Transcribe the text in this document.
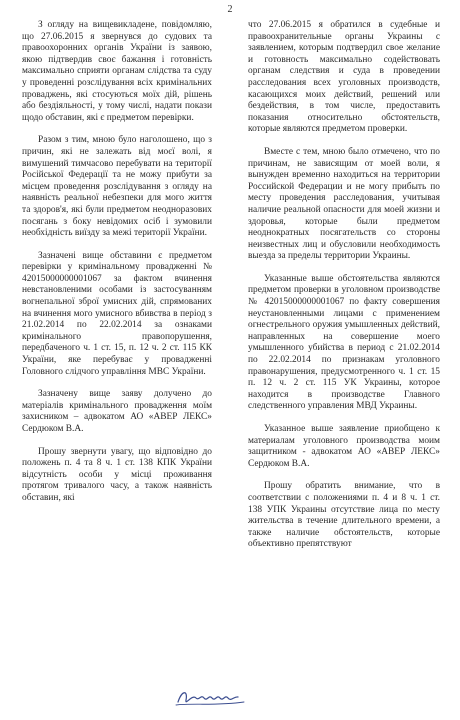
2

З огляду на вищевикладене, повідомляю, що 27.06.2015 я звернувся до судових та правоохоронних органів України із заявою, якою підтвердив своє бажання і готовність максимально сприяти органам слідства та суду у проведенні розслідування всіх кримінальних проваджень, які стосуються моїх дій, рішень або бездіяльності, у тому числі, надати покази щодо обставин, які є предметом перевірки.

Разом з тим, мною було наголошено, що з причин, які не залежать від моєї волі, я вимушений тимчасово перебувати на території Російської Федерації та не можу прибути за місцем проведення розслідування з огляду на наявність реальної небезпеки для мого життя та здоров'я, які були предметом неодноразових посягань з боку невідомих осіб і зумовили необхідність виїзду за межі території України.

Зазначені вище обставини є предметом перевірки у кримінальному провадженні № 42015000000001067 за фактом вчинення невстановленими особами із застосуванням вогнепальної зброї умисних дій, спрямованих на вчинення мого умисного вбивства в період з 21.02.2014 по 22.02.2014 за ознаками кримінального правопорушення, передбаченого ч. 1 ст. 15, п. 12 ч. 2 ст. 115 КК України, яке перебуває у провадженні Головного слідчого управління МВС України.

Зазначену вище заяву долучено до матеріалів кримінального провадження моїм захисником – адвокатом АО «АВЕР ЛЕКС» Сердюком В.А.

Прошу звернути увагу, що відповідно до положень п. 4 та 8 ч. 1 ст. 138 КПК України відсутність особи у місці проживання протягом тривалого часу, а також наявність обставин, які

что 27.06.2015 я обратился в судебные и правоохранительные органы Украины с заявлением, которым подтвердил свое желание и готовность максимально содействовать органам следствия и суда в проведении расследования всех уголовных производств, касающихся моих действий, решений или бездействия, в том числе, предоставить показания относительно обстоятельств, которые являются предметом проверки.

Вместе с тем, мною было отмечено, что по причинам, не зависящим от моей воли, я вынужден временно находиться на территории Российской Федерации и не могу прибыть по месту проведения расследования, учитывая наличие реальной опасности для моей жизни и здоровья, которые были предметом неоднократных посягательств со стороны неизвестных лиц и обусловили необходимость выезда за пределы территории Украины.

Указанные выше обстоятельства являются предметом проверки в уголовном производстве № 42015000000001067 по факту совершения неустановленными лицами с применением огнестрельного оружия умышленных действий, направленных на совершение моего умышленного убийства в период с 21.02.2014 по 22.02.2014 по признакам уголовного правонарушения, предусмотренного ч. 1 ст. 15 п. 12 ч. 2 ст. 115 УК Украины, которое находится в производстве Главного следственного управления МВД Украины.

Указанное выше заявление приобщено к материалам уголовного производства моим защитником - адвокатом АО «АВЕР ЛЕКС» Сердюком В.А.

Прошу обратить внимание, что в соответствии с положениями п. 4 и 8 ч. 1 ст. 138 УПК Украины отсутствие лица по месту жительства в течение длительного времени, а также наличие обстоятельств, которые объективно препятствуют
